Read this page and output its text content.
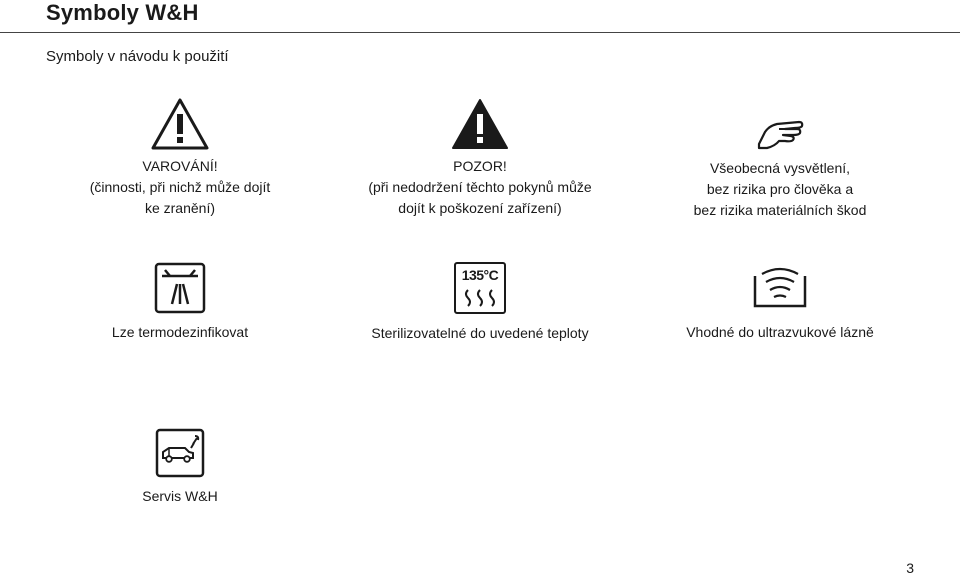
Symboly W&H
Symboly v návodu k použití
VAROVÁNÍ!
(činnosti, při nichž může dojít
ke zranění)
POZOR!
(při nedodržení těchto pokynů může
dojít k poškození zařízení)
Všeobecná vysvětlení,
bez rizika pro člověka a
bez rizika materiálních škod
Lze termodezinfikovat
135°C
Sterilizovatelné do uvedené teploty	Vhodné do ultrazvukové lázně
Servis W&H
3
